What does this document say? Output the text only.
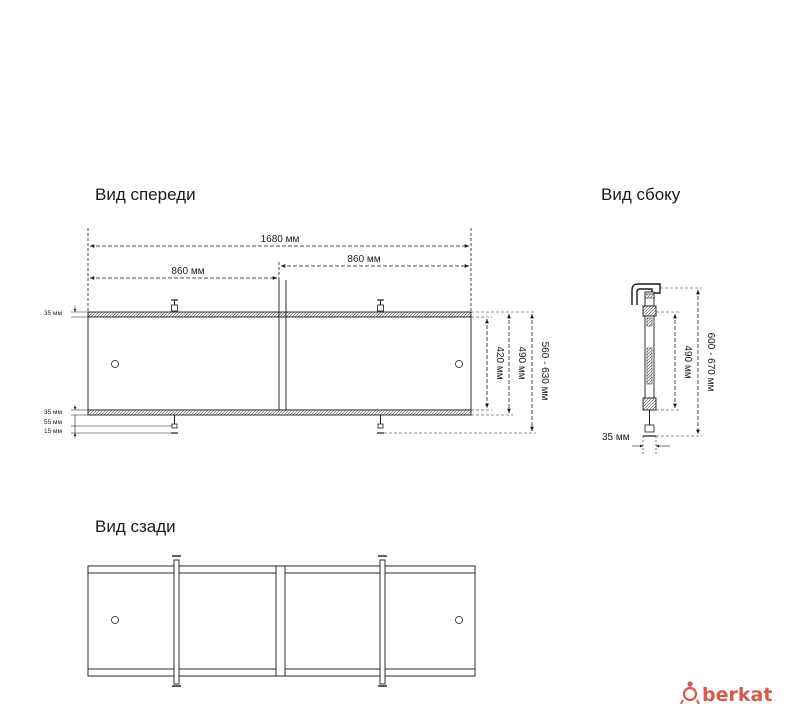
Вид спереди
1680 мм
860 мм
860 мм
35 мм
35 мм
55 мм
15 мм
420 мм 490 мм 560 - 630 мм
Вид сбоку
490 мм 600 - 670 мм
35 мм
Вид сзади
berkat
